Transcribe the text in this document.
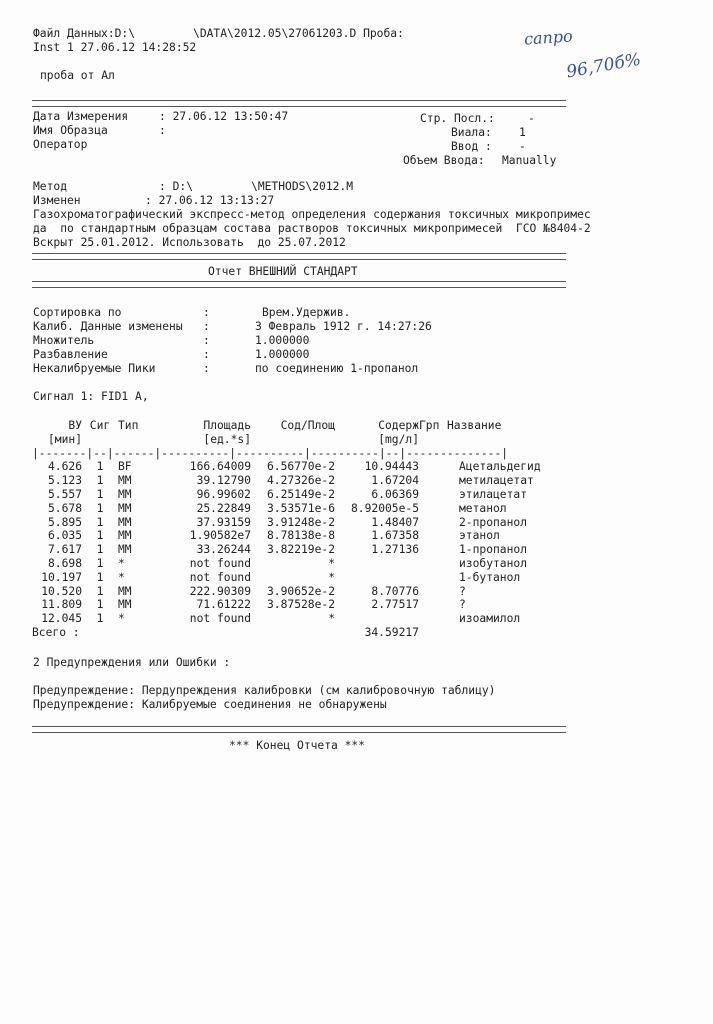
Файл Данных:D:\	\DATA\2012.05\27061203.D Проба:
Inst 1 27.06.12 14:28:52
проба от Ал
сапро
96,70б%
Дата Измерения	: 27.06.12 13:50:47
Имя Образца	:
Оператор
Стр. Посл.:	-
Виала: 1
Ввод : -
Объем Ввода: Manually
Метод	: D:\	\METHODS\2012.M
Изменен	: 27.06.12 13:13:27
Газохроматографический экспресс-метод определения содержания токсичных микропримес
да  по стандартным образцам состава растворов токсичных микропримесей  ГСО №8404-2
Вскрыт 25.01.2012. Использовать  до 25.07.2012
Отчет ВНЕШНИЙ СТАНДАРТ
Сортировка по	:	Врем.Удержив.
Калиб. Данные изменены :	3 Февраль 1912 г. 14:27:26
Множитель	:	1.000000
Разбавление	:	1.000000
Некалибруемые Пики	:	по соединению 1-пропанол
Сигнал 1: FID1 A,
ВУ	Сиг	Тип	Площадь	Сод/Площ	Содерж	Грп	Название
[мин]			[ед.*s]		[mg/л]		
|-------|--|------|----------|----------|----------|--|--------------|							
4.626	1	BF	166.64009	6.56770e-2	10.94443		Ацетальдегид
5.123	1	MM	39.12790	4.27326e-2	1.67204		метилацетат
5.557	1	MM	96.99602	6.25149e-2	6.06369		этилацетат
5.678	1	MM	25.22849	3.53571e-6	8.92005e-5		метанол
5.895	1	MM	37.93159	3.91248e-2	1.48407		2-пропанол
6.035	1	MM	1.90582e7	8.78138e-8	1.67358		этанол
7.617	1	MM	33.26244	3.82219e-2	1.27136		1-пропанол
8.698	1	*	not found	*			изобутанол
10.197	1	*	not found	*			1-бутанол
10.520	1	MM	222.90309	3.90652e-2	8.70776		?
11.809	1	MM	71.61222	3.87528e-2	2.77517		?
12.045	1	*	not found	*			изоамилол
Всего :					34.59217		
2 Предупреждения или Ошибки :
Предупреждение: Пердупреждения калибровки (см калибровочную таблицу)
Предупреждение: Калибруемые соединения не обнаружены
*** Конец Отчета ***
